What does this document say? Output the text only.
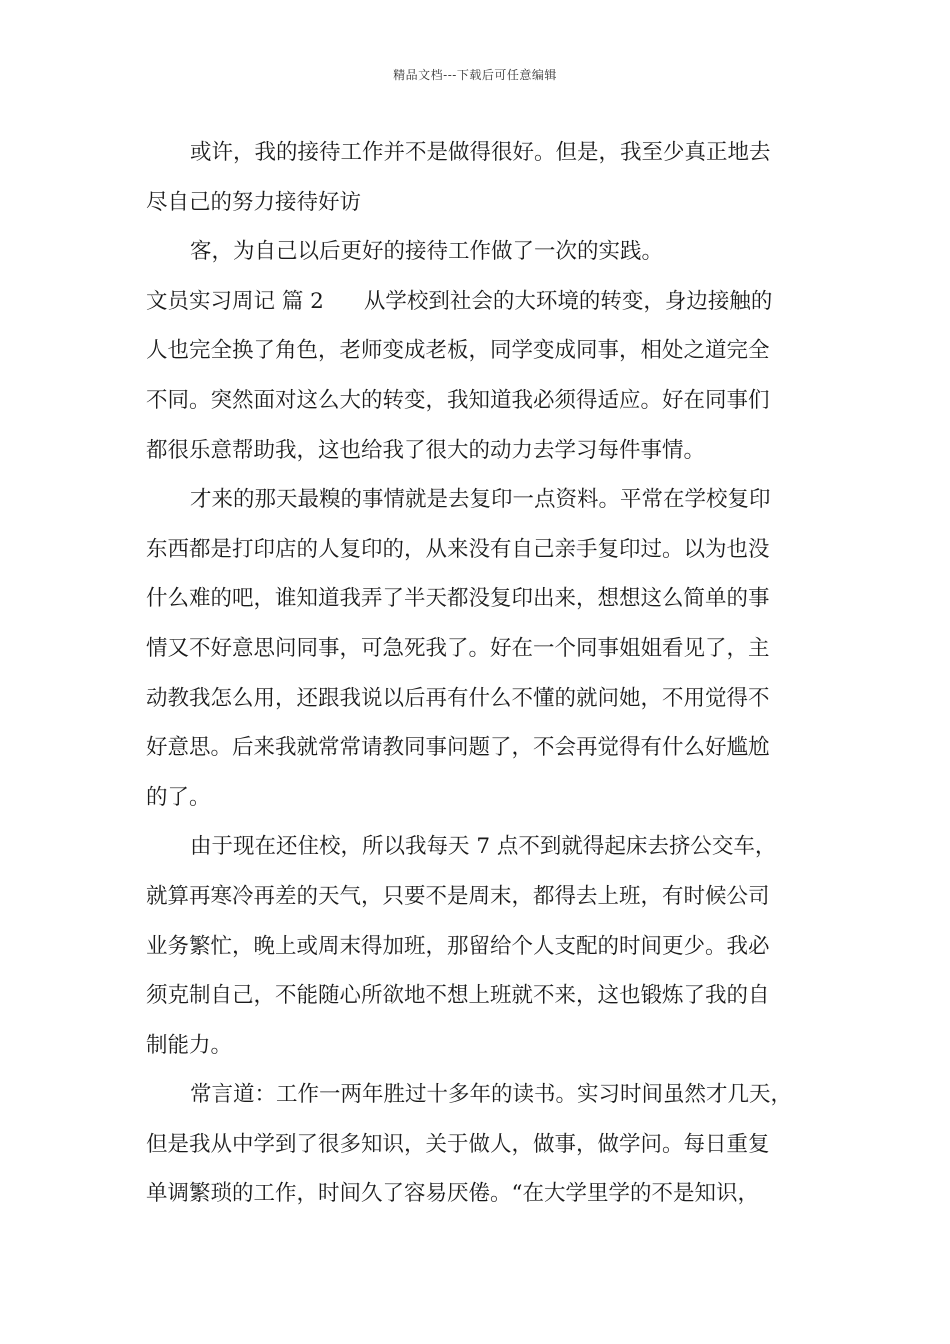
精品文档---下载后可任意编辑
或许，我的接待工作并不是做得很好。但是，我至少真正地去
尽自己的努力接待好访
客，为自己以后更好的接待工作做了一次的实践。
文员实习周记 篇 2 从学校到社会的大环境的转变，身边接触的
人也完全换了角色，老师变成老板，同学变成同事，相处之道完全
不同。突然面对这么大的转变，我知道我必须得适应。好在同事们
都很乐意帮助我，这也给我了很大的动力去学习每件事情。
才来的那天最糗的事情就是去复印一点资料。平常在学校复印
东西都是打印店的人复印的，从来没有自己亲手复印过。以为也没
什么难的吧，谁知道我弄了半天都没复印出来，想想这么简单的事
情又不好意思问同事，可急死我了。好在一个同事姐姐看见了，主
动教我怎么用，还跟我说以后再有什么不懂的就问她，不用觉得不
好意思。后来我就常常请教同事问题了，不会再觉得有什么好尴尬
的了。
由于现在还住校，所以我每天 7 点不到就得起床去挤公交车，
就算再寒冷再差的天气，只要不是周末，都得去上班，有时候公司
业务繁忙，晚上或周末得加班，那留给个人支配的时间更少。我必
须克制自己，不能随心所欲地不想上班就不来，这也锻炼了我的自
制能力。
常言道：工作一两年胜过十多年的读书。实习时间虽然才几天，
但是我从中学到了很多知识，关于做人，做事，做学问。每日重复
单调繁琐的工作，时间久了容易厌倦。“在大学里学的不是知识，
